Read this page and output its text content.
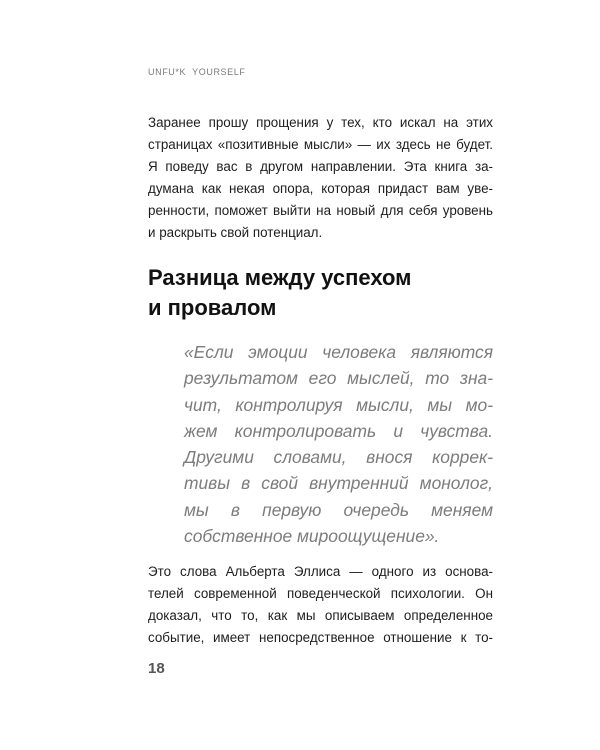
UNFU*K  YOURSELF

Заранее прошу прощения у тех, кто искал на этих
страницах «позитивные мысли» — их здесь не будет.
Я поведу вас в другом направлении. Эта книга за-
думана как некая опора, которая придаст вам уве-
ренности, поможет выйти на новый для себя уровень
и раскрыть свой потенциал.

Разница между успехом
и провалом
«Если эмоции человека являются
результатом его мыслей, то зна-
чит, контролируя мысли, мы мо-
жем контролировать и чувства.
Другими словами, внося коррек-
тивы в свой внутренний монолог,
мы в первую очередь меняем
собственное мироощущение».

Это слова Альберта Эллиса — одного из основа-
телей современной поведенческой психологии. Он
доказал, что то, как мы описываем определенное
событие, имеет непосредственное отношение к то-

18
